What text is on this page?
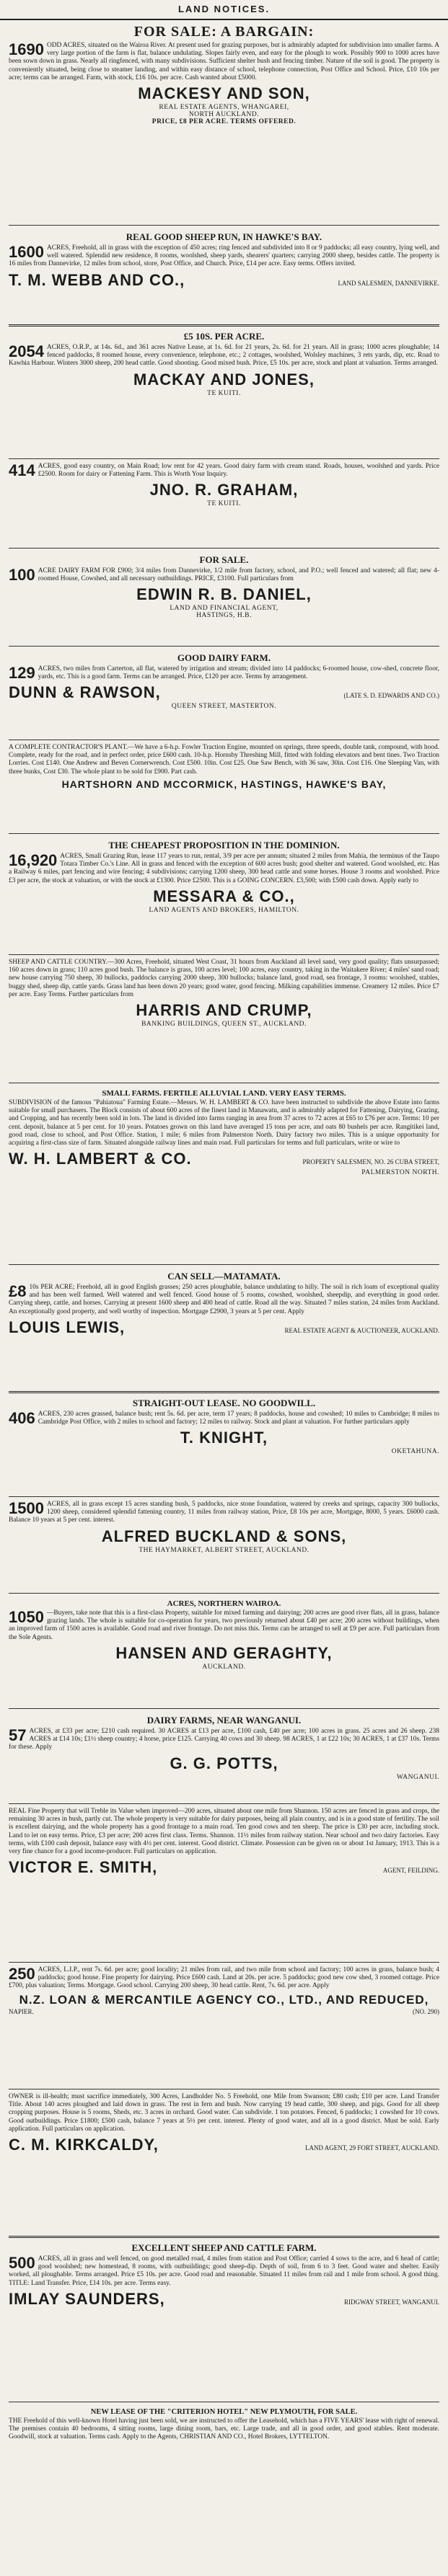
LAND NOTICES.
FOR SALE: A BARGAIN:
1690 ODD ACRES, situated on the Wairoa River. At present used for grazing purposes, but is admirably adapted for subdivision into smaller farms. A very large portion of the farm is flat, balance undulating. Slopes fairly even, and easy for the plough to work. Possibly 900 to 1000 acres have been sown down in grass. Nearly all ringfenced, with many subdivisions. Sufficient shelter bush and fencing timber. Nature of the soil is good. The property is conveniently situated, being close to steamer landing, and within easy distance of school, telephone connection, Post Office and School. Price, £10 10s per acre; terms can be arranged. Farm, with stock, £16 10s. per acre. Cash wanted about £5000.
MACKESY AND SON,
REAL ESTATE AGENTS, WHANGAREI,
NORTH AUCKLAND.
PRICE, £8 PER ACRE. TERMS OFFERED.
REAL GOOD SHEEP RUN, IN HAWKE'S BAY.
1600 ACRES, Freehold, all in grass with the exception of 450 acres; ring fenced and subdivided into 8 or 9 paddocks; all easy country, lying well, and well watered. Splendid new residence, 8 rooms, woolshed, sheep yards, shearers' quarters; carrying 2000 sheep, besides cattle. The property is 16 miles from Dannevirke, 12 miles from school, store, Post Office, and Church. Price, £14 per acre. Easy terms. Offers invited.
T. M. WEBB AND CO.,	LAND SALESMEN, DANNEVIRKE.
£5 10S. PER ACRE.
2054 ACRES, O.R.P., at 14s. 6d., and 361 acres Native Lease, at 1s. 6d. for 21 years, 2s. 6d. for 21 years. All in grass; 1000 acres ploughable; 14 fenced paddocks, 8 roomed house, every convenience, telephone, etc.; 2 cottages, woolshed, Wolsley machines, 3 rets yards, dip, etc. Road to Kawhia Harbour. Winters 3000 sheep, 200 head cattle. Good shooting. Good mixed bush. Price, £5 10s. per acre, stock and plant at valuation. Terms arranged.
MACKAY AND JONES,
TE KUITI.
414 ACRES, good easy country, on Main Road; low rent for 42 years. Good dairy farm with cream stand. Roads, houses, woolshed and yards. Price £2500. Room for dairy or Fattening Farm. This is Worth Your Inquiry.
JNO. R. GRAHAM,
TE KUITI.
FOR SALE.
100 ACRE DAIRY FARM FOR £900; 3/4 miles from Dannevirke, 1/2 mile from factory, school, and P.O.; well fenced and watered; all flat; new 4-roomed House, Cowshed, and all necessary outbuildings. PRICE, £3100. Full particulars from
EDWIN R. B. DANIEL,
LAND AND FINANCIAL AGENT,
HASTINGS, H.B.
GOOD DAIRY FARM.
129 ACRES, two miles from Carterton, all flat, watered by irrigation and stream; divided into 14 paddocks; 6-roomed house, cow-shed, concrete floor, yards, etc. This is a good farm. Terms can be arranged. Price, £120 per acre. Terms by arrangement.
DUNN & RAWSON,	(LATE S. D. EDWARDS AND CO.)
QUEEN STREET, MASTERTON.
A COMPLETE CONTRACTOR'S PLANT.—We have a 6-h.p. Fowler Traction Engine, mounted on springs, three speeds, double tank, compound, with hood. Complete, ready for the road, and in perfect order, price £600 cash. 10-h.p. Hornsby Threshing Mill, fitted with folding elevators and bent tines. Two Traction Lorries. Cost £140. One Andrew and Beven Cornerwrench. Cost £500. 10in. Cost £25. One Saw Bench, with 36 saw, 30in. Cost £16. One Sleeping Van, with three bunks, Cost £30. The whole plant to be sold for £900. Part cash.
HARTSHORN AND MCCORMICK, HASTINGS, HAWKE'S BAY,
THE CHEAPEST PROPOSITION IN THE DOMINION.
16,920 ACRES, Small Grazing Run, lease 117 years to run, rental, 3/9 per acre per annum; situated 2 miles from Mahia, the terminus of the Taupo Totara Timber Co.'s Line. All in grass and fenced with the exception of 600 acres bush; good shelter and watered. Good woolshed, etc. Has a Railway 6 miles, part fencing and wire fencing; 4 subdivisions; carrying 1200 sheep, 300 head cattle and some horses. House 3 rooms and woolshed. Price £3 per acre, the stock at valuation, or with the stock at £1300. Price £2500. This is a GOING CONCERN. £3,500; with £500 cash down. Apply early to
MESSARA & CO.,
LAND AGENTS AND BROKERS, HAMILTON.
SHEEP AND CATTLE COUNTRY.—300 Acres, Freehold, situated West Coast, 31 hours from Auckland all level sand, very good quality; flats unsurpassed; 160 acres down in grass; 110 acres good bush. The balance is grass, 100 acres level; 100 acres, easy country, taking in the Waitakere River; 4 miles' sand road; new house carrying 750 sheep, 30 bullocks, paddocks carrying 2000 sheep, 300 bullocks; balance land, good road, sea frontage, 3 rooms: woolshed, stables, buggy shed, sheep dip, cattle yards. Grass land has been down 20 years; good water, good fencing. Milking capabilities immense. Creamery 12 miles. Price £7 per acre. Easy Terms. Further particulars from
HARRIS AND CRUMP,
BANKING BUILDINGS, QUEEN ST., AUCKLAND.
SMALL FARMS. FERTILE ALLUVIAL LAND. VERY EASY TERMS.
SUBDIVISION of the famous "Pahiatoua" Farming Estate.—Messrs. W. H. LAMBERT & CO. have been instructed to subdivide the above Estate into farms suitable for small purchasers. The Block consists of about 600 acres of the finest land in Manawatu, and is admirably adapted for Fattening, Dairying, Grazing, and Cropping, and has recently been sold in lots. The land is divided into farms ranging in area from 37 acres to 72 acres at £65 to £76 per acre. Terms: 10 per cent. deposit, balance at 5 per cent. for 10 years. Potatoes grown on this land have averaged 15 tons per acre, and oats 80 bushels per acre. Rangitikei land, good road, close to school, and Post Office. Station, 1 mile; 6 miles from Palmerston North. Dairy factory two miles. This is a unique opportunity for acquiring a first-class size of farm. Situated alongside railway lines and main road. Full particulars for terms and full particulars, write or wire to
W. H. LAMBERT & CO.	PROPERTY SALESMEN, NO. 26 CUBA STREET,
PALMERSTON NORTH.
CAN SELL—MATAMATA.
£8 10s PER ACRE; Freehold, all in good English grasses; 250 acres ploughable, balance undulating to hilly. The soil is rich loam of exceptional quality and has been well farmed. Well watered and well fenced. Good house of 5 rooms, cowshed, woolshed, sheepdip, and everything in good order. Carrying sheep, cattle, and horses. Carrying at present 1600 sheep and 400 head of cattle. Road all the way. Situated 7 miles station, 24 miles from Auckland. An exceptionally good property, and well worthy of inspection. Mortgage £2900, 3 years at 5 per cent. Apply
LOUIS LEWIS,	REAL ESTATE AGENT & AUCTIONEER, AUCKLAND.
STRAIGHT-OUT LEASE. NO GOODWILL.
406 ACRES, 230 acres grassed, balance bush; rent 5s. 6d. per acre, term 17 years; 8 paddocks, house and cowshed; 10 miles to Cambridge; 8 miles to Cambridge Post Office, with 2 miles to school and factory; 12 miles to railway. Stock and plant at valuation. For further particulars apply
T. KNIGHT,
OKETAHUNA.
1500 ACRES, all in grass except 15 acres standing bush, 5 paddocks, nice stone foundation, watered by creeks and springs, capacity 300 bullocks, 1200 sheep, considered splendid fattening country, 11 miles from railway station, Price, £8 10s per acre, Mortgage, 8000, 5 years. £6000 cash. Balance 10 years at 5 per cent. interest.
ALFRED BUCKLAND & SONS,
THE HAYMARKET, ALBERT STREET, AUCKLAND.
ACRES, NORTHERN WAIROA.
1050 —Buyers, take note that this is a first-class Property, suitable for mixed farming and dairying; 200 acres are good river flats, all in grass, balance grazing lands. The whole is suitable for co-operation for years, two previously returned about £40 per acre; 200 acres without buildings, when an improved farm of 1500 acres is available. Good road and river frontage. Do not miss this. Terms can be arranged to sell at £9 per acre. Full particulars from the Sole Agents.
HANSEN AND GERAGHTY,
AUCKLAND.
DAIRY FARMS, NEAR WANGANUI.
57 ACRES, at £33 per acre; £210 cash required. 30 ACRES at £13 per acre, £100 cash, £40 per acre; 100 acres in grass. 25 acres and 26 sheep. 238 ACRES at £14 10s; £1½ sheep country; 4 horse, price £125. Carrying 40 cows and 30 sheep. 98 ACRES, 1 at £22 10s; 30 ACRES, 1 at £37 10s. Terms for these. Apply
G. G. POTTS,
WANGANUI.
REAL Fine Property that will Treble its Value when improved—200 acres, situated about one mile from Shannon. 150 acres are fenced in grass and crops, the remaining 30 acres in bush, partly cut. The whole property is very suitable for dairy purposes, being all plain country, and is in a good state of fertility. The soil is excellent dairying, and the whole property has a good frontage to a main road. Ten good cows and ten sheep. The price is £30 per acre, including stock. Land to let on easy terms. Price, £3 per acre; 200 acres first class. Terms. Shannon. 11½ miles from railway station. Near school and two dairy factories. Easy terms, with £100 cash deposit, balance easy with 4½ per cent. interest. Good district. Climate. Possession can be given on or about 1st January, 1913. This is a very fine chance for a good income-producer. Full particulars on application.
VICTOR E. SMITH,	AGENT, FEILDING.
250 ACRES, L.I.P., rent 7s. 6d. per acre; good locality; 21 miles from rail, and two mile from school and factory; 100 acres in grass, balance bush; 4 paddocks; good house. Fine property for dairying. Price £600 cash. Land at 20s. per acre. 5 paddocks; good new cow shed, 3 roomed cottage. Price £700, plus valuation; Terms. Mortgage. Good school. Carrying 200 sheep, 30 head cattle. Rent, 7s. 6d. per acre. Apply
N.Z. LOAN & MERCANTILE AGENCY CO., LTD., AND REDUCED,
NAPIER.	(NO. 290)
OWNER is ill-health; must sacrifice immediately, 300 Acres, Landholder No. 5 Freehold, one Mile from Swanson; £80 cash; £10 per acre. Land Transfer Title. About 140 acres ploughed and laid down in grass. The rest in fern and bush. Now carrying 19 head cattle, 300 sheep, and pigs. Good for all sheep cropping purposes. House is 5 rooms, Sheds, etc. 3 acres in orchard. Good water. Can subdivide. 1 ton potatoes. Fenced, 6 paddocks; 1 cowshed for 10 cows. Good outbuildings. Price £1800; £500 cash, balance 7 years at 5½ per cent. interest. Plenty of good water, and all in a good district. Must be sold. Early application. Full particulars on application.
C. M. KIRKCALDY,	LAND AGENT, 29 FORT STREET, AUCKLAND.
EXCELLENT SHEEP AND CATTLE FARM.
500 ACRES, all in grass and well fenced, on good metalled road, 4 miles from station and Post Office; carried 4 sows to the acre, and 6 head of cattle; good woolshed; new homestead, 8 rooms, with outbuildings; good sheep-dip. Depth of soil, from 6 to 3 feet. Good water and shelter. Easily worked, all ploughable. Terms arranged. Price £5 10s. per acre. Good road and reasonable. Situated 11 miles from rail and 1 mile from school. A good thing. TITLE: Land Transfer. Price, £14 10s. per acre. Terms easy.
IMLAY SAUNDERS,	RIDGWAY STREET, WANGANUI.
NEW LEASE OF THE "CRITERION HOTEL" NEW PLYMOUTH, FOR SALE.
THE Freehold of this well-known Hotel having just been sold, we are instructed to offer the Leasehold, which has a FIVE YEARS' lease with right of renewal. The premises contain 40 bedrooms, 4 sitting rooms, large dining room, bars, etc. Large trade, and all in good order, and good stables. Rent moderate. Goodwill, stock at valuation. Terms cash. Apply to the Agents, CHRISTIAN AND CO., Hotel Brokers, LYTTELTON.
